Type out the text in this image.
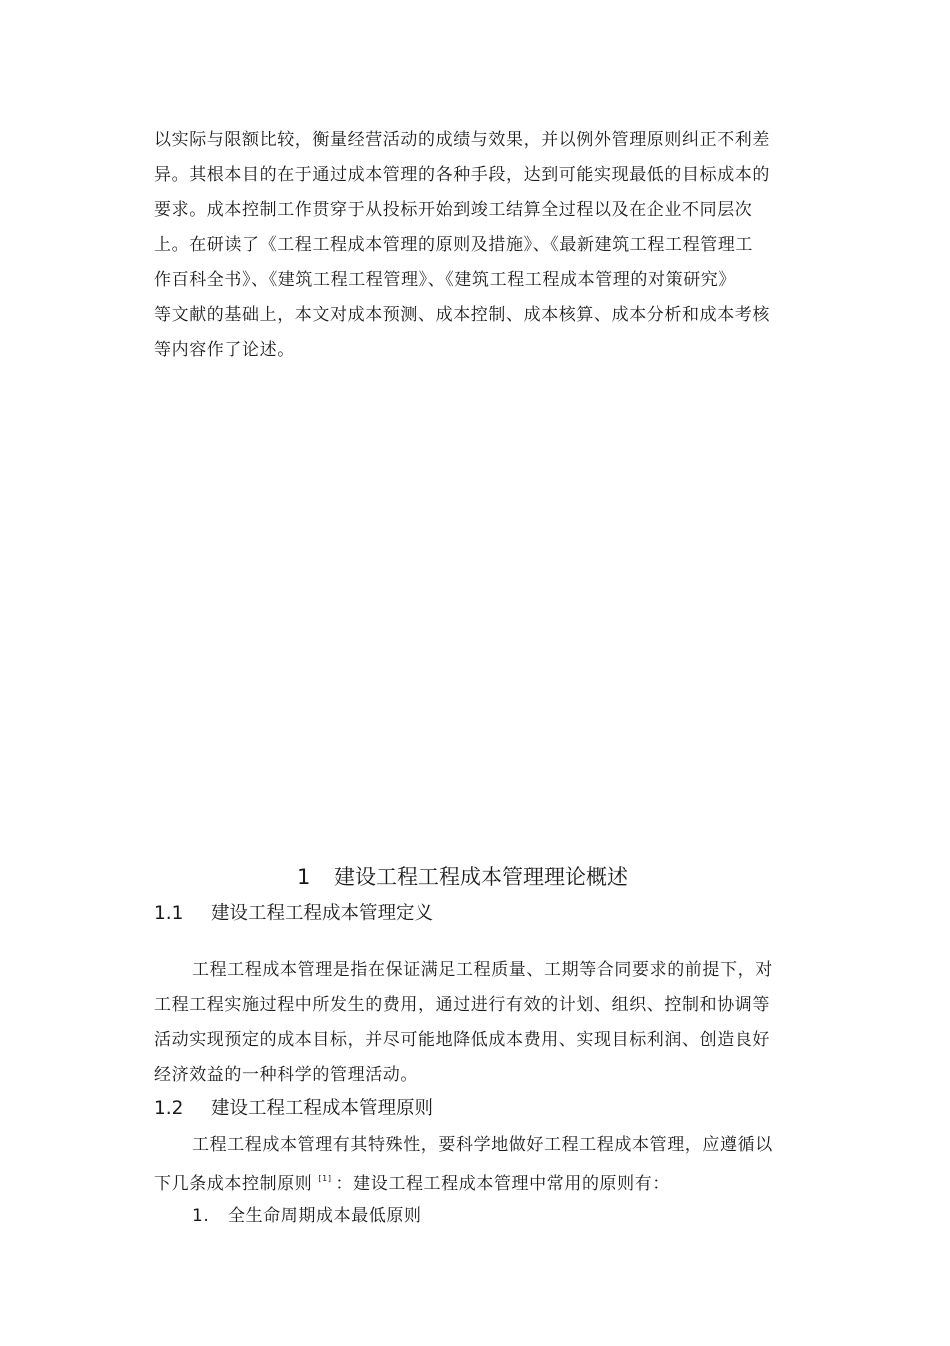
以实际与限额比较，衡量经营活动的成绩与效果，并以例外管理原则纠正不利差
异。其根本目的在于通过成本管理的各种手段，达到可能实现最低的目标成本的
要求。成本控制工作贯穿于从投标开始到竣工结算全过程以及在企业不同层次
上。在研读了《工程工程成本管理的原则及措施》、《最新建筑工程工程管理工
作百科全书》、《建筑工程工程管理》、《建筑工程工程成本管理的对策研究》
等文献的基础上，本文对成本预测、成本控制、成本核算、成本分析和成本考核
等内容作了论述。
1 建设工程工程成本管理理论概述
1.1 建设工程工程成本管理定义
工程工程成本管理是指在保证满足工程质量、工期等合同要求的前提下，对
工程工程实施过程中所发生的费用，通过进行有效的计划、组织、控制和协调等
活动实现预定的成本目标，并尽可能地降低成本费用、实现目标利润、创造良好
经济效益的一种科学的管理活动。
1.2 建设工程工程成本管理原则
工程工程成本管理有其特殊性，要科学地做好工程工程成本管理，应遵循以
下几条成本控制原则 [1] ：建设工程工程成本管理中常用的原则有：
1. 全生命周期成本最低原则
